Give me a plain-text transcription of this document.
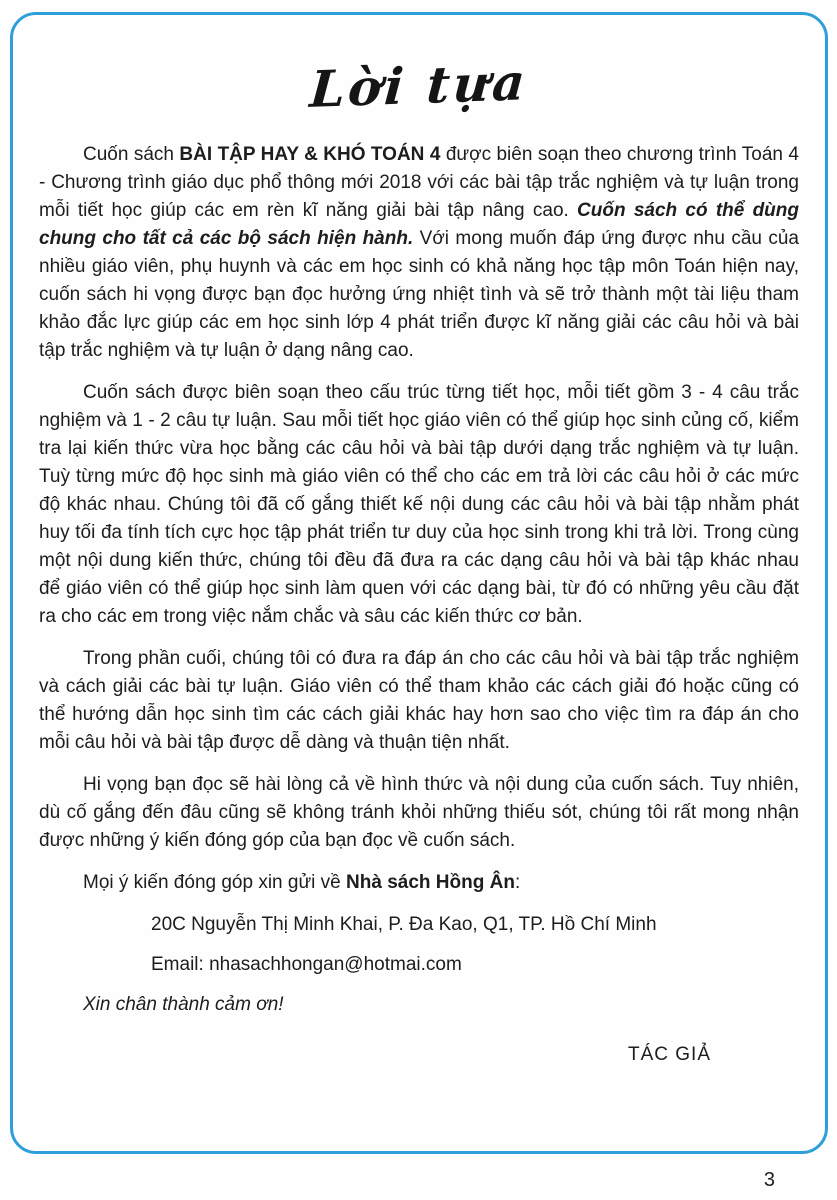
Lời tựa

Cuốn sách BÀI TẬP HAY & KHÓ TOÁN 4 được biên soạn theo chương trình Toán 4 - Chương trình giáo dục phổ thông mới 2018 với các bài tập trắc nghiệm và tự luận trong mỗi tiết học giúp các em rèn kĩ năng giải bài tập nâng cao. Cuốn sách có thể dùng chung cho tất cả các bộ sách hiện hành. Với mong muốn đáp ứng được nhu cầu của nhiều giáo viên, phụ huynh và các em học sinh có khả năng học tập môn Toán hiện nay, cuốn sách hi vọng được bạn đọc hưởng ứng nhiệt tình và sẽ trở thành một tài liệu tham khảo đắc lực giúp các em học sinh lớp 4 phát triển được kĩ năng giải các câu hỏi và bài tập trắc nghiệm và tự luận ở dạng nâng cao.

Cuốn sách được biên soạn theo cấu trúc từng tiết học, mỗi tiết gồm 3 - 4 câu trắc nghiệm và 1 - 2 câu tự luận. Sau mỗi tiết học giáo viên có thể giúp học sinh củng cố, kiểm tra lại kiến thức vừa học bằng các câu hỏi và bài tập dưới dạng trắc nghiệm và tự luận. Tuỳ từng mức độ học sinh mà giáo viên có thể cho các em trả lời các câu hỏi ở các mức độ khác nhau. Chúng tôi đã cố gắng thiết kế nội dung các câu hỏi và bài tập nhằm phát huy tối đa tính tích cực học tập phát triển tư duy của học sinh trong khi trả lời. Trong cùng một nội dung kiến thức, chúng tôi đều đã đưa ra các dạng câu hỏi và bài tập khác nhau để giáo viên có thể giúp học sinh làm quen với các dạng bài, từ đó có những yêu cầu đặt ra cho các em trong việc nắm chắc và sâu các kiến thức cơ bản.

Trong phần cuối, chúng tôi có đưa ra đáp án cho các câu hỏi và bài tập trắc nghiệm và cách giải các bài tự luận. Giáo viên có thể tham khảo các cách giải đó hoặc cũng có thể hướng dẫn học sinh tìm các cách giải khác hay hơn sao cho việc tìm ra đáp án cho mỗi câu hỏi và bài tập được dễ dàng và thuận tiện nhất.

Hi vọng bạn đọc sẽ hài lòng cả về hình thức và nội dung của cuốn sách. Tuy nhiên, dù cố gắng đến đâu cũng sẽ không tránh khỏi những thiếu sót, chúng tôi rất mong nhận được những ý kiến đóng góp của bạn đọc về cuốn sách.

Mọi ý kiến đóng góp xin gửi về Nhà sách Hồng Ân:

20C Nguyễn Thị Minh Khai, P. Đa Kao, Q1, TP. Hồ Chí Minh

Email: nhasachhongan@hotmai.com

Xin chân thành cảm ơn!

TÁC GIẢ

3
